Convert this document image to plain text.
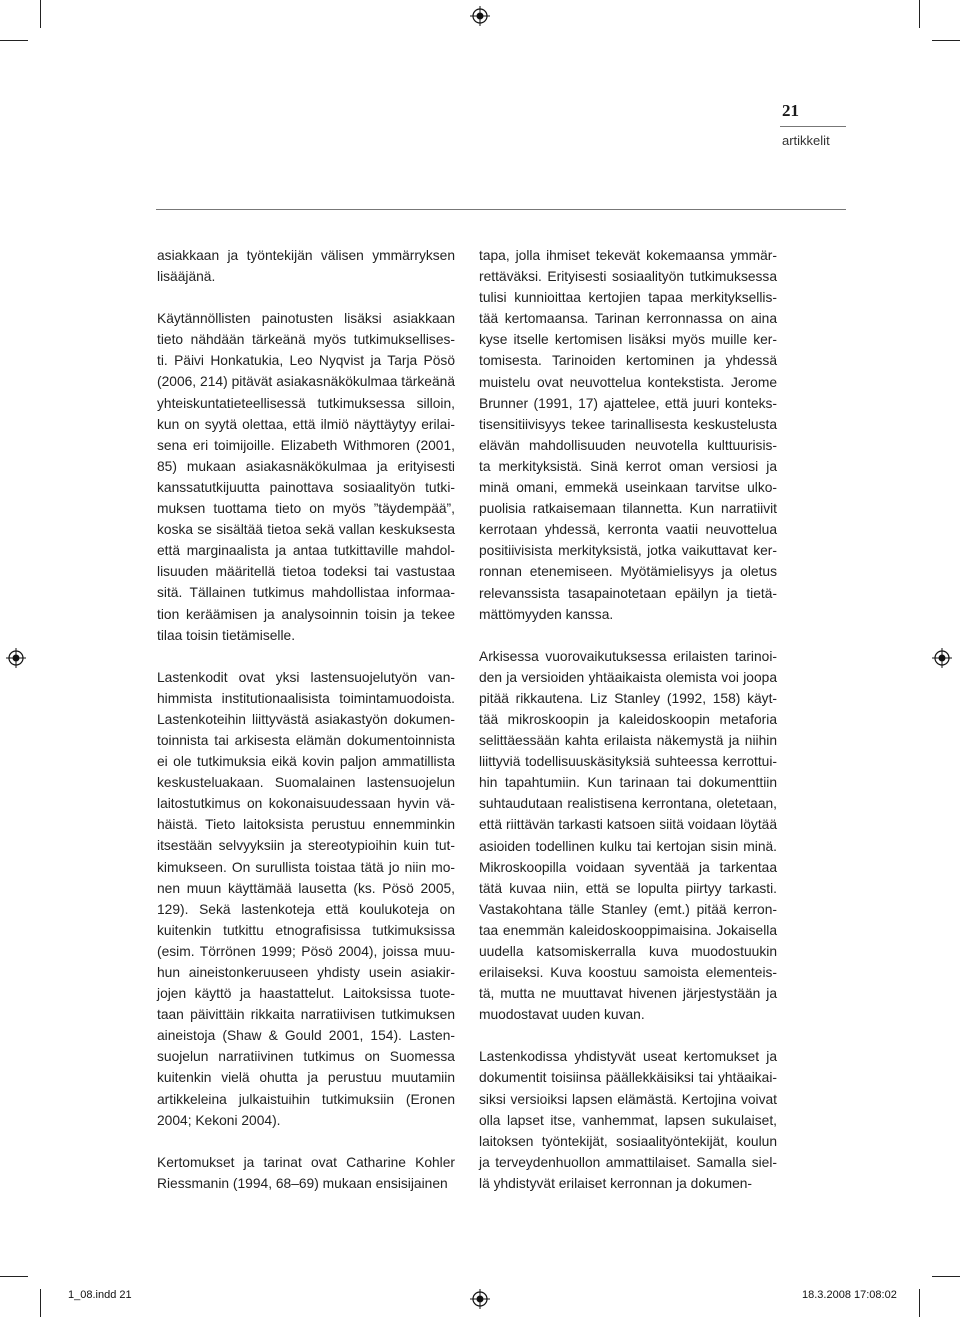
21
artikkelit

asiakkaan ja työntekijän välisen ymmärryksen
lisääjänä.

Käytännöllisten painotusten lisäksi asiakkaan
tieto nähdään tärkeänä myös tutkimuksellises-
ti. Päivi Honkatukia, Leo Nyqvist ja Tarja Pösö
(2006, 214) pitävät asiakasnäkökulmaa tärkeänä
yhteiskuntatieteellisessä tutkimuksessa silloin,
kun on syytä olettaa, että ilmiö näyttäytyy erilai-
sena eri toimijoille. Elizabeth Withmoren (2001,
85) mukaan asiakasnäkökulmaa ja erityisesti
kanssatutkijuutta painottava sosiaalityön tutki-
muksen tuottama tieto on myös ”täydempää”,
koska se sisältää tietoa sekä vallan keskuksesta
että marginaalista ja antaa tutkittaville mahdol-
lisuuden määritellä tietoa todeksi tai vastustaa
sitä. Tällainen tutkimus mahdollistaa informaa-
tion keräämisen ja analysoinnin toisin ja tekee
tilaa toisin tietämiselle.

Lastenkodit ovat yksi lastensuojelutyön van-
himmista institutionaalisista toimintamuodoista.
Lastenkoteihin liittyvästä asiakastyön dokumen-
toinnista tai arkisesta elämän dokumentoinnista
ei ole tutkimuksia eikä kovin paljon ammatillista
keskusteluakaan. Suomalainen lastensuojelun
laitostutkimus on kokonaisuudessaan hyvin vä-
häistä. Tieto laitoksista perustuu ennemminkin
itsestään selvyyksiin ja stereotypioihin kuin tut-
kimukseen. On surullista toistaa tätä jo niin mo-
nen muun käyttämää lausetta (ks. Pösö 2005,
129). Sekä lastenkoteja että koulukoteja on
kuitenkin tutkittu etnografisissa tutkimuksissa
(esim. Törrönen 1999; Pösö 2004), joissa muu-
hun aineistonkeruuseen yhdisty usein asiakir-
jojen käyttö ja haastattelut. Laitoksissa tuote-
taan päivittäin rikkaita narratiivisen tutkimuksen
aineistoja (Shaw & Gould 2001, 154). Lasten-
suojelun narratiivinen tutkimus on Suomessa
kuitenkin vielä ohutta ja perustuu muutamiin
artikkeleina julkaistuihin tutkimuksiin (Eronen
2004; Kekoni 2004).

Kertomukset ja tarinat ovat Catharine Kohler
Riessmanin (1994, 68–69) mukaan ensisijainen

tapa, jolla ihmiset tekevät kokemaansa ymmär-
rettäväksi. Erityisesti sosiaalityön tutkimuksessa
tulisi kunnioittaa kertojien tapaa merkityksellis-
tää kertomaansa. Tarinan kerronnassa on aina
kyse itselle kertomisen lisäksi myös muille ker-
tomisesta. Tarinoiden kertominen ja yhdessä
muistelu ovat neuvottelua kontekstista. Jerome
Brunner (1991, 17) ajattelee, että juuri konteks-
tisensitiivisyys tekee tarinallisesta keskustelusta
elävän mahdollisuuden neuvotella kulttuurisis-
ta merkityksistä. Sinä kerrot oman versiosi ja
minä omani, emmekä useinkaan tarvitse ulko-
puolisia ratkaisemaan tilannetta. Kun narratiivit
kerrotaan yhdessä, kerronta vaatii neuvottelua
positiivisista merkityksistä, jotka vaikuttavat ker-
ronnan etenemiseen. Myötämielisyys ja oletus
relevanssista tasapainotetaan epäilyn ja tietä-
mättömyyden kanssa.

Arkisessa vuorovaikutuksessa erilaisten tarinoi-
den ja versioiden yhtäaikaista olemista voi joopa
pitää rikkautena. Liz Stanley (1992, 158) käyt-
tää mikroskoopin ja kaleidoskoopin metaforia
selittäessään kahta erilaista näkemystä ja niihin
liittyviä todellisuuskäsityksiä suhteessa kerrottui-
hin tapahtumiin. Kun tarinaan tai dokumenttiin
suhtaudutaan realistisena kerrontana, oletetaan,
että riittävän tarkasti katsoen siitä voidaan löytää
asioiden todellinen kulku tai kertojan sisin minä.
Mikroskoopilla voidaan syventää ja tarkentaa
tätä kuvaa niin, että se lopulta piirtyy tarkasti.
Vastakohtana tälle Stanley (emt.) pitää kerron-
taa enemmän kaleidoskooppimaisina. Jokaisella
uudella katsomiskerralla kuva muodostuukin
erilaiseksi. Kuva koostuu samoista elementeis-
tä, mutta ne muuttavat hivenen järjestystään ja
muodostavat uuden kuvan.

Lastenkodissa yhdistyvät useat kertomukset ja
dokumentit toisiinsa päällekkäisiksi tai yhtäaikai-
siksi versioiksi lapsen elämästä. Kertojina voivat
olla lapset itse, vanhemmat, lapsen sukulaiset,
laitoksen työntekijät, sosiaalityöntekijät, koulun
ja terveydenhuollon ammattilaiset. Samalla siel-
lä yhdistyvät erilaiset kerronnan ja dokumen-

1_08.indd 21	18.3.2008 17:08:02
